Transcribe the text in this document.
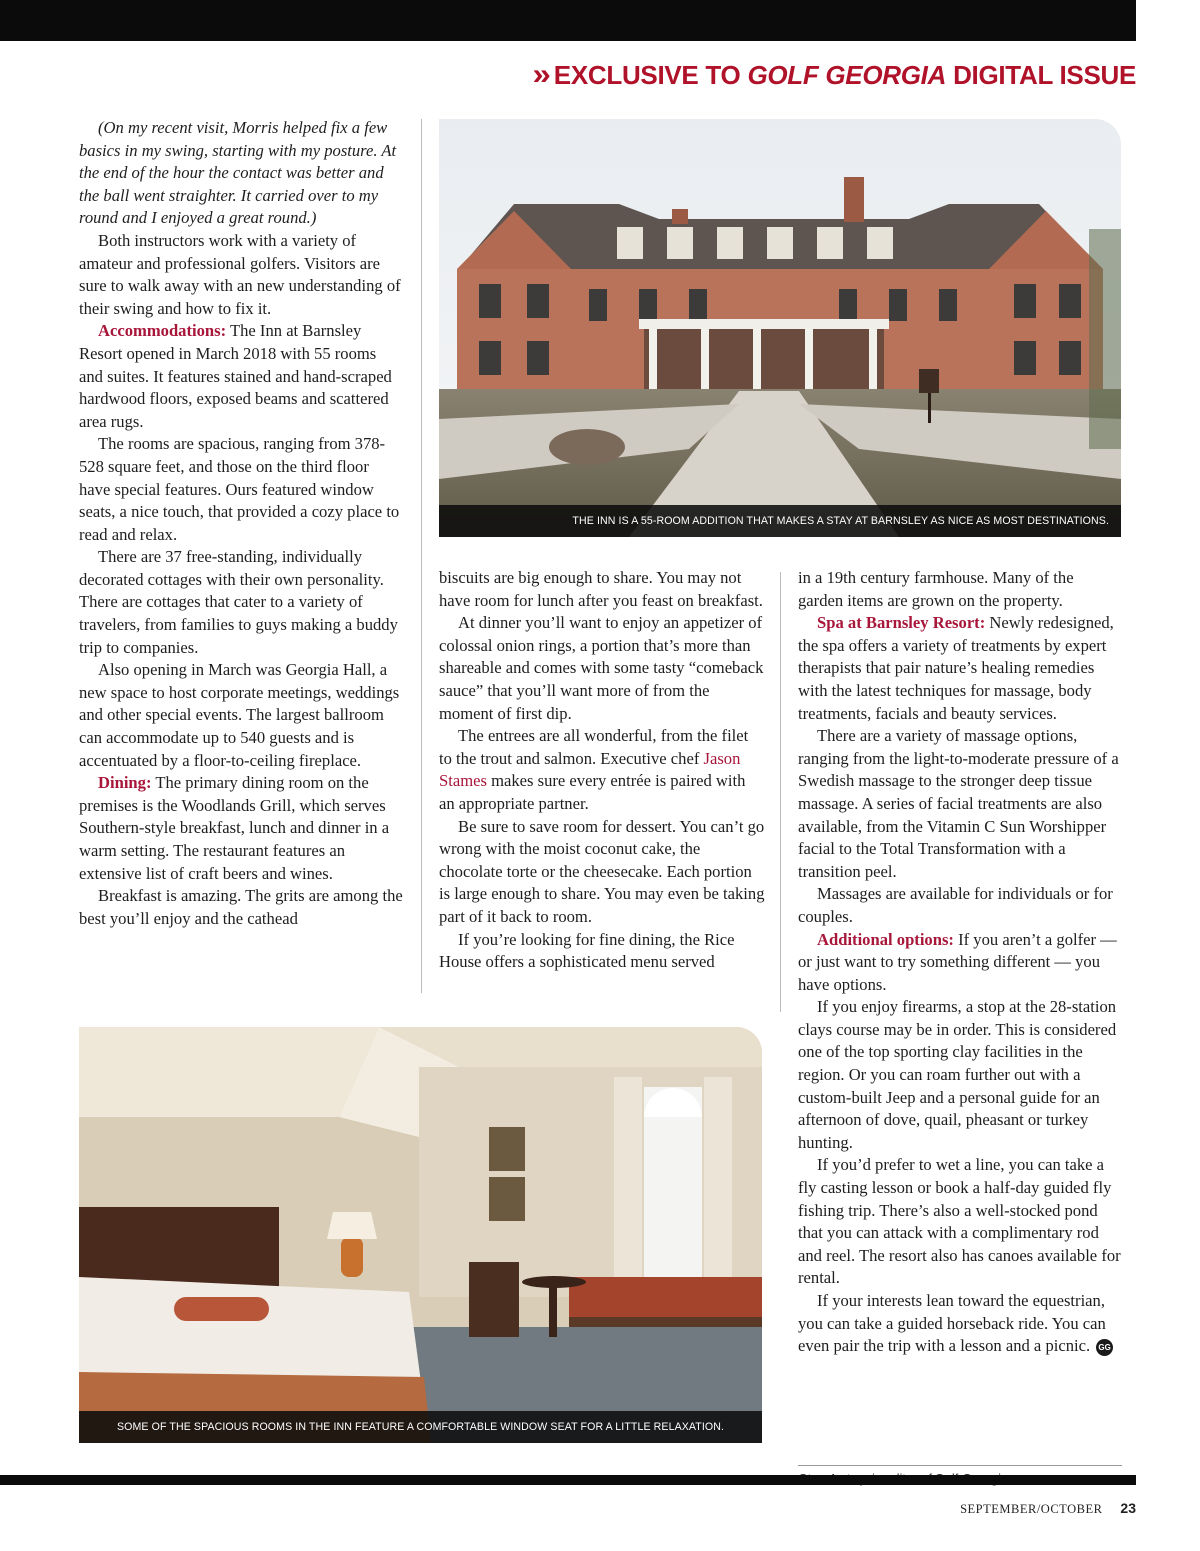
» EXCLUSIVE TO GOLF GEORGIA DIGITAL ISSUE

(On my recent visit, Morris helped fix a few basics in my swing, starting with my posture. At the end of the hour the contact was better and the ball went straighter. It carried over to my round and I enjoyed a great round.)

Both instructors work with a variety of amateur and professional golfers. Visitors are sure to walk away with an new understanding of their swing and how to fix it.

Accommodations: The Inn at Barnsley Resort opened in March 2018 with 55 rooms and suites. It features stained and hand-scraped hardwood floors, exposed beams and scattered area rugs.

The rooms are spacious, ranging from 378-528 square feet, and those on the third floor have special features. Ours featured window seats, a nice touch, that provided a cozy place to read and relax.

There are 37 free-standing, individually decorated cottages with their own personality. There are cottages that cater to a variety of travelers, from families to guys making a buddy trip to companies.

Also opening in March was Georgia Hall, a new space to host corporate meetings, weddings and other special events. The largest ballroom can accommodate up to 540 guests and is accentuated by a floor-to-ceiling fireplace.

Dining: The primary dining room on the premises is the Woodlands Grill, which serves Southern-style breakfast, lunch and dinner in a warm setting. The restaurant features an extensive list of craft beers and wines.

Breakfast is amazing. The grits are among the best you’ll enjoy and the cathead

THE INN IS A 55-ROOM ADDITION THAT MAKES A STAY AT BARNSLEY AS NICE AS MOST DESTINATIONS.

biscuits are big enough to share. You may not have room for lunch after you feast on breakfast.

At dinner you’ll want to enjoy an appetizer of colossal onion rings, a portion that’s more than shareable and comes with some tasty “comeback sauce” that you’ll want more of from the moment of first dip.

The entrees are all wonderful, from the filet to the trout and salmon. Executive chef Jason Stames makes sure every entrée is paired with an appropriate partner.

Be sure to save room for dessert. You can’t go wrong with the moist coconut cake, the chocolate torte or the cheesecake. Each portion is large enough to share. You may even be taking part of it back to room.

If you’re looking for fine dining, the Rice House offers a sophisticated menu served

in a 19th century farmhouse. Many of the garden items are grown on the property.

Spa at Barnsley Resort: Newly redesigned, the spa offers a variety of treatments by expert therapists that pair nature’s healing remedies with the latest techniques for massage, body treatments, facials and beauty services.

There are a variety of massage options, ranging from the light-to-moderate pressure of a Swedish massage to the stronger deep tissue massage. A series of facial treatments are also available, from the Vitamin C Sun Worshipper facial to the Total Transformation with a transition peel.

Massages are available for individuals or for couples.

Additional options: If you aren’t a golfer — or just want to try something different — you have options.

If you enjoy firearms, a stop at the 28-station clays course may be in order. This is considered one of the top sporting clay facilities in the region. Or you can roam further out with a custom-built Jeep and a personal guide for an afternoon of dove, quail, pheasant or turkey hunting.

If you’d prefer to wet a line, you can take a fly casting lesson or book a half-day guided fly fishing trip. There’s also a well-stocked pond that you can attack with a complimentary rod and reel. The resort also has canoes available for rental.

If your interests lean toward the equestrian, you can take a guided horseback ride. You can even pair the trip with a lesson and a picnic. GG

SOME OF THE SPACIOUS ROOMS IN THE INN FEATURE A COMFORTABLE WINDOW SEAT FOR A LITTLE RELAXATION.
SEPTEMBER/OCTOBER 23
